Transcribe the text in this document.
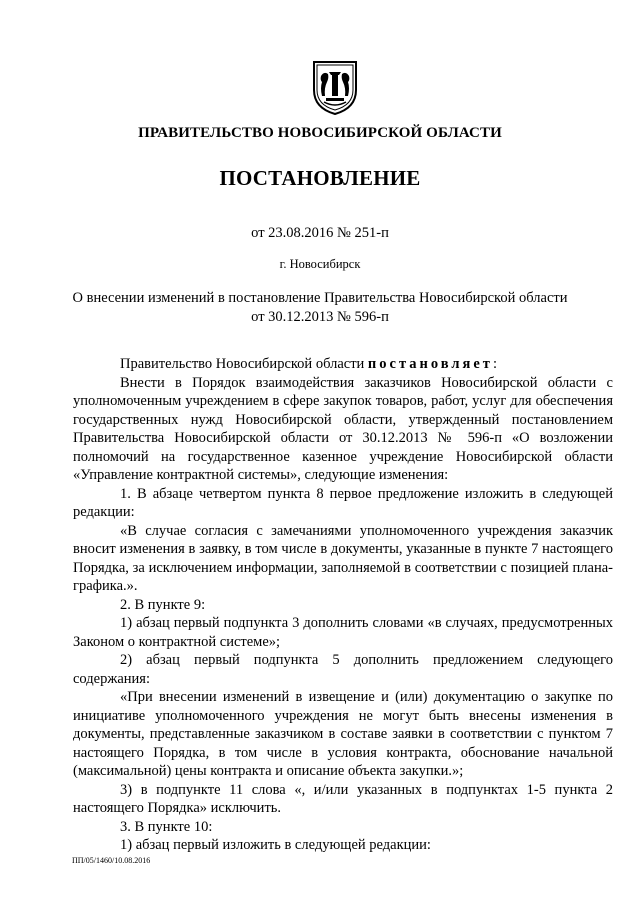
ПРАВИТЕЛЬСТВО НОВОСИБИРСКОЙ ОБЛАСТИ
ПОСТАНОВЛЕНИЕ
от 23.08.2016 № 251-п
г. Новосибирск
О внесении изменений в постановление Правительства Новосибирской области
от 30.12.2013 № 596-п

Правительство Новосибирской области постановляет:

Внести в Порядок взаимодействия заказчиков Новосибирской области с уполномоченным учреждением в сфере закупок товаров, работ, услуг для обеспечения государственных нужд Новосибирской области, утвержденный постановлением Правительства Новосибирской области от 30.12.2013 № 596-п «О возложении полномочий на государственное казенное учреждение Новосибирской области «Управление контрактной системы», следующие изменения:

1. В абзаце четвертом пункта 8 первое предложение изложить в следующей редакции:

«В случае согласия с замечаниями уполномоченного учреждения заказчик вносит изменения в заявку, в том числе в документы, указанные в пункте 7 настоящего Порядка, за исключением информации, заполняемой в соответствии с позицией плана-графика.».

2. В пункте 9:

1) абзац первый подпункта 3 дополнить словами «в случаях, предусмотренных Законом о контрактной системе»;

2) абзац первый подпункта 5 дополнить предложением следующего содержания:

«При внесении изменений в извещение и (или) документацию о закупке по инициативе уполномоченного учреждения не могут быть внесены изменения в документы, представленные заказчиком в составе заявки в соответствии с пунктом 7 настоящего Порядка, в том числе в условия контракта, обоснование начальной (максимальной) цены контракта и описание объекта закупки.»;

3) в подпункте 11 слова «, и/или указанных в подпунктах 1-5 пункта 2 настоящего Порядка» исключить.

3. В пункте 10:

1) абзац первый изложить в следующей редакции:

ПП/05/1460/10.08.2016
